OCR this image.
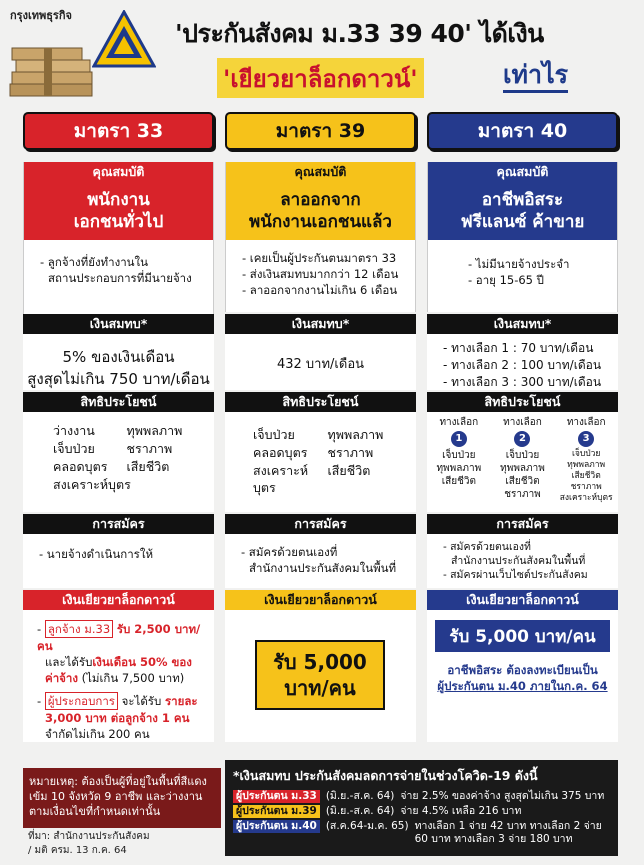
กรุงเทพธุรกิจ
'ประกันสังคม ม.33 39 40' ได้เงิน
'เยียวยาล็อกดาวน์'	เท่าไร
มาตรา 33
คุณสมบัติ
พนักงาน
เอกชนทั่วไป
- ลูกจ้างที่ยังทำงานใน
สถานประกอบการที่มีนายจ้าง
เงินสมทบ*
5% ของเงินเดือน
สูงสุดไม่เกิน 750 บาท/เดือน
สิทธิประโยชน์
ว่างงาน	ทุพพลภาพ
เจ็บป่วย	ชราภาพ
คลอดบุตร	เสียชีวิต
สงเคราะห์บุตร
การสมัคร
- นายจ้างดำเนินการให้
เงินเยียวยาล็อกดาวน์
- ลูกจ้าง ม.33 รับ 2,500 บาท/คน
และได้รับเงินเดือน 50% ของ
ค่าจ้าง (ไม่เกิน 7,500 บาท)
- ผู้ประกอบการ จะได้รับ รายละ
3,000 บาท ต่อลูกจ้าง 1 คน
จำกัดไม่เกิน 200 คน
มาตรา 39
คุณสมบัติ
ลาออกจาก
พนักงานเอกชนแล้ว
- เคยเป็นผู้ประกันตนมาตรา 33
- ส่งเงินสมทบมากกว่า 12 เดือน
- ลาออกจากงานไม่เกิน 6 เดือน
เงินสมทบ*
432 บาท/เดือน
สิทธิประโยชน์
เจ็บป่วย	ทุพพลภาพ
คลอดบุตร	ชราภาพ
สงเคราะห์บุตร
เสียชีวิต
การสมัคร
- สมัครด้วยตนเองที่
สำนักงานประกันสังคมในพื้นที่
เงินเยียวยาล็อกดาวน์
รับ 5,000
บาท/คน
มาตรา 40
คุณสมบัติ
อาชีพอิสระ
ฟรีแลนซ์ ค้าขาย
- ไม่มีนายจ้างประจำ
- อายุ 15-65 ปี
เงินสมทบ*
- ทางเลือก 1 : 70 บาท/เดือน
- ทางเลือก 2 : 100 บาท/เดือน
- ทางเลือก 3 : 300 บาท/เดือน
สิทธิประโยชน์
ทางเลือก
1
เจ็บป่วย
ทุพพลภาพ
เสียชีวิต
ทางเลือก
2
เจ็บป่วย
ทุพพลภาพ
เสียชีวิต
ชราภาพ
ทางเลือก
3
เจ็บป่วย
ทุพพลภาพ
เสียชีวิต
ชราภาพ
สงเคราะห์บุตร
การสมัคร
- สมัครด้วยตนเองที่
สำนักงานประกันสังคมในพื้นที่
- สมัครผ่านเว็บไซต์ประกันสังคม
เงินเยียวยาล็อกดาวน์
รับ 5,000 บาท/คน
อาชีพอิสระ ต้องลงทะเบียนเป็น
ผู้ประกันตน ม.40 ภายในก.ค. 64
หมายเหตุ: ต้องเป็นผู้ที่อยู่ในพื้นที่สีแดงเข้ม 10 จังหวัด 9 อาชีพ และว่างงานตามเงื่อนไขที่กำหนดเท่านั้น
ที่มา: สำนักงานประกันสังคม
/ มติ ครม. 13 ก.ค. 64
*เงินสมทบ ประกันสังคมลดการจ่ายในช่วงโควิด-19 ดังนี้
ผู้ประกันตน ม.33 (มิ.ย.-ส.ค. 64) จ่าย 2.5% ของค่าจ้าง สูงสุดไม่เกิน 375 บาท
ผู้ประกันตน ม.39 (มิ.ย.-ส.ค. 64) จ่าย 4.5% เหลือ 216 บาท
ผู้ประกันตน ม.40 (ส.ค.64-ม.ค. 65) ทางเลือก 1 จ่าย 42 บาท ทางเลือก 2 จ่าย 60 บาท ทางเลือก 3 จ่าย 180 บาท
